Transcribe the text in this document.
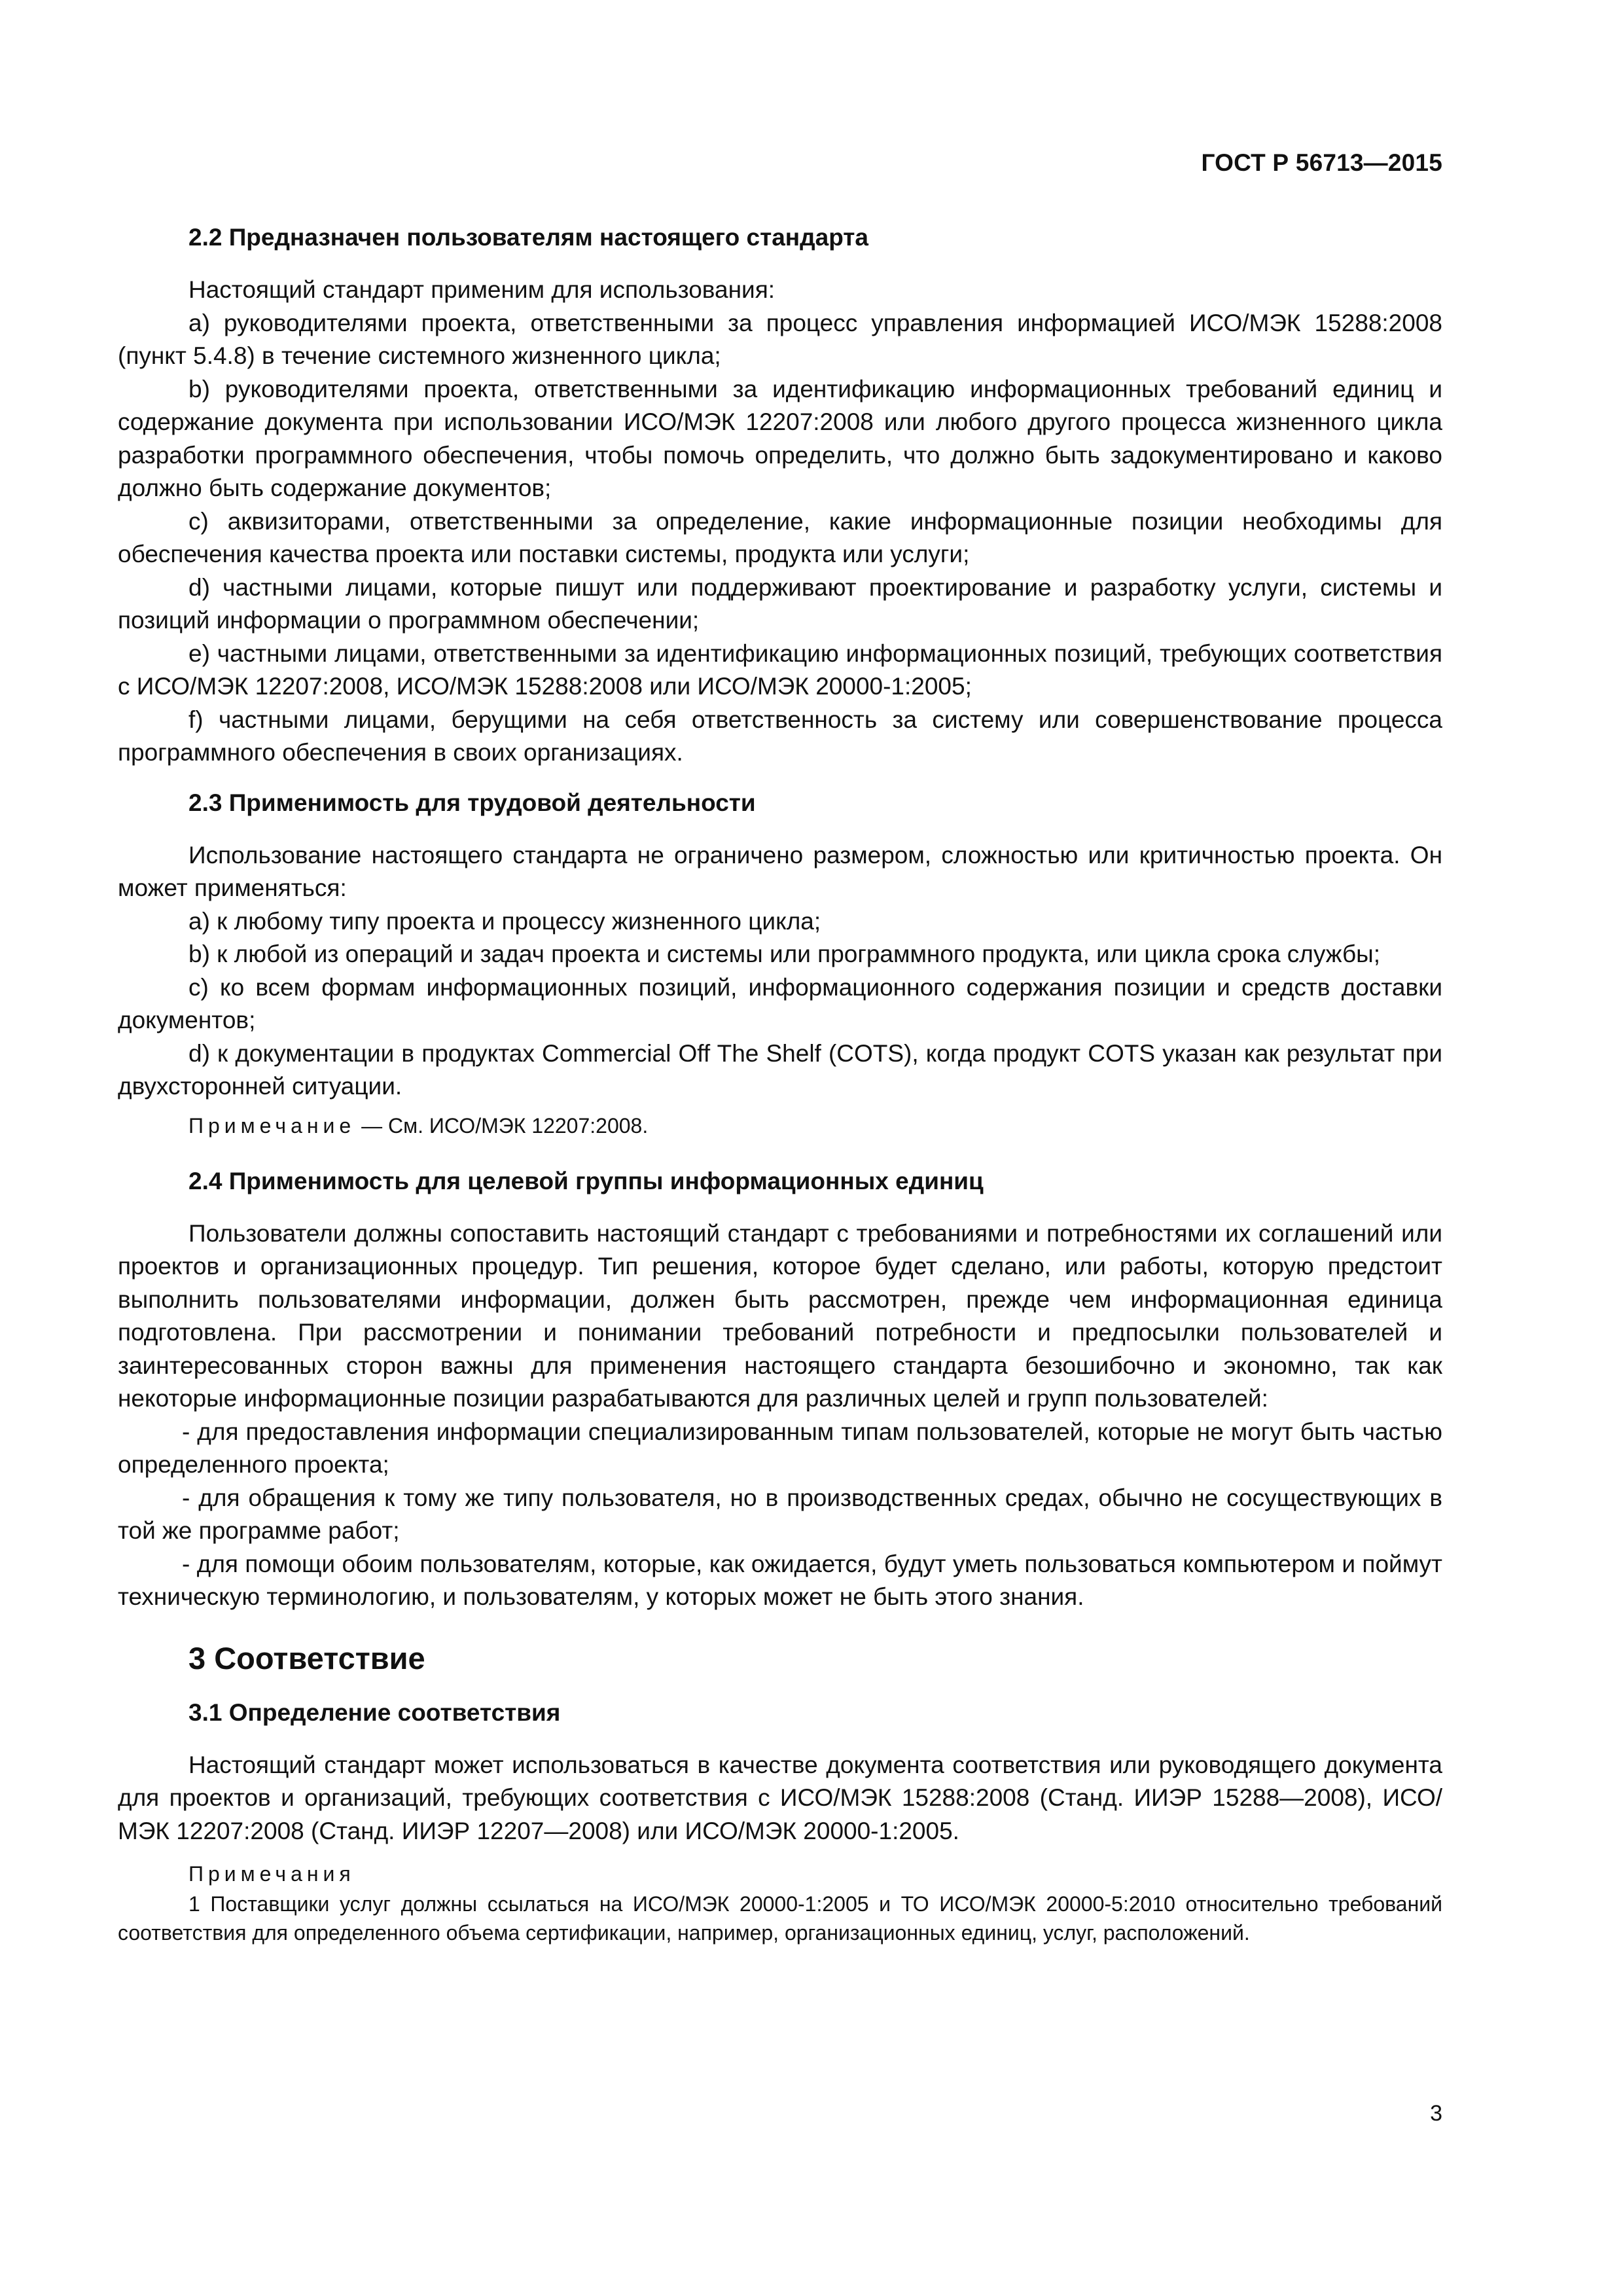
ГОСТ Р 56713—2015
2.2 Предназначен пользователям настоящего стандарта

Настоящий стандарт применим для использования:

a) руководителями проекта, ответственными за процесс управления информацией ИСО/МЭК 15288:2008 (пункт 5.4.8) в течение системного жизненного цикла;

b) руководителями проекта, ответственными за идентификацию информационных требований единиц и содержание документа при использовании ИСО/МЭК 12207:2008 или любого другого процесса жизненного цикла разработки программного обеспечения, чтобы помочь определить, что должно быть задокументировано и каково должно быть содержание документов;

c) аквизиторами, ответственными за определение, какие информационные позиции необходимы для обеспечения качества проекта или поставки системы, продукта или услуги;

d) частными лицами, которые пишут или поддерживают проектирование и разработку услуги, системы и позиций информации о программном обеспечении;

e) частными лицами, ответственными за идентификацию информационных позиций, требующих соответствия с ИСО/МЭК 12207:2008, ИСО/МЭК 15288:2008 или ИСО/МЭК 20000-1:2005;

f) частными лицами, берущими на себя ответственность за систему или совершенствование процесса программного обеспечения в своих организациях.

2.3 Применимость для трудовой деятельности

Использование настоящего стандарта не ограничено размером, сложностью или критичностью проекта. Он может применяться:

a) к любому типу проекта и процессу жизненного цикла;

b) к любой из операций и задач проекта и системы или программного продукта, или цикла срока службы;

c) ко всем формам информационных позиций, информационного содержания позиции и средств доставки документов;

d) к документации в продуктах Commercial Off The Shelf (COTS), когда продукт COTS указан как результат при двухсторонней ситуации.

Примечание — См. ИСО/МЭК 12207:2008.
2.4 Применимость для целевой группы информационных единиц

Пользователи должны сопоставить настоящий стандарт с требованиями и потребностями их соглашений или проектов и организационных процедур. Тип решения, которое будет сделано, или работы, которую предстоит выполнить пользователями информации, должен быть рассмотрен, прежде чем информационная единица подготовлена. При рассмотрении и понимании требований потребности и предпосылки пользователей и заинтересованных сторон важны для применения настоящего стандарта безошибочно и экономно, так как некоторые информационные позиции разрабатываются для различных целей и групп пользователей:

- для предоставления информации специализированным типам пользователей, которые не могут быть частью определенного проекта;

- для обращения к тому же типу пользователя, но в производственных средах, обычно не сосуществующих в той же программе работ;

- для помощи обоим пользователям, которые, как ожидается, будут уметь пользоваться компьютером и поймут техническую терминологию, и пользователям, у которых может не быть этого знания.

3 Соответствие
3.1 Определение соответствия

Настоящий стандарт может использоваться в качестве документа соответствия или руководящего документа для проектов и организаций, требующих соответствия с ИСО/МЭК 15288:2008 (Станд. ИИЭР 15288—2008), ИСО/МЭК 12207:2008 (Станд. ИИЭР 12207—2008) или ИСО/МЭК 20000-1:2005.

Примечания

1 Поставщики услуг должны ссылаться на ИСО/МЭК 20000-1:2005 и ТО ИСО/МЭК 20000-5:2010 относительно требований соответствия для определенного объема сертификации, например, организационных единиц, услуг, расположений.

3
